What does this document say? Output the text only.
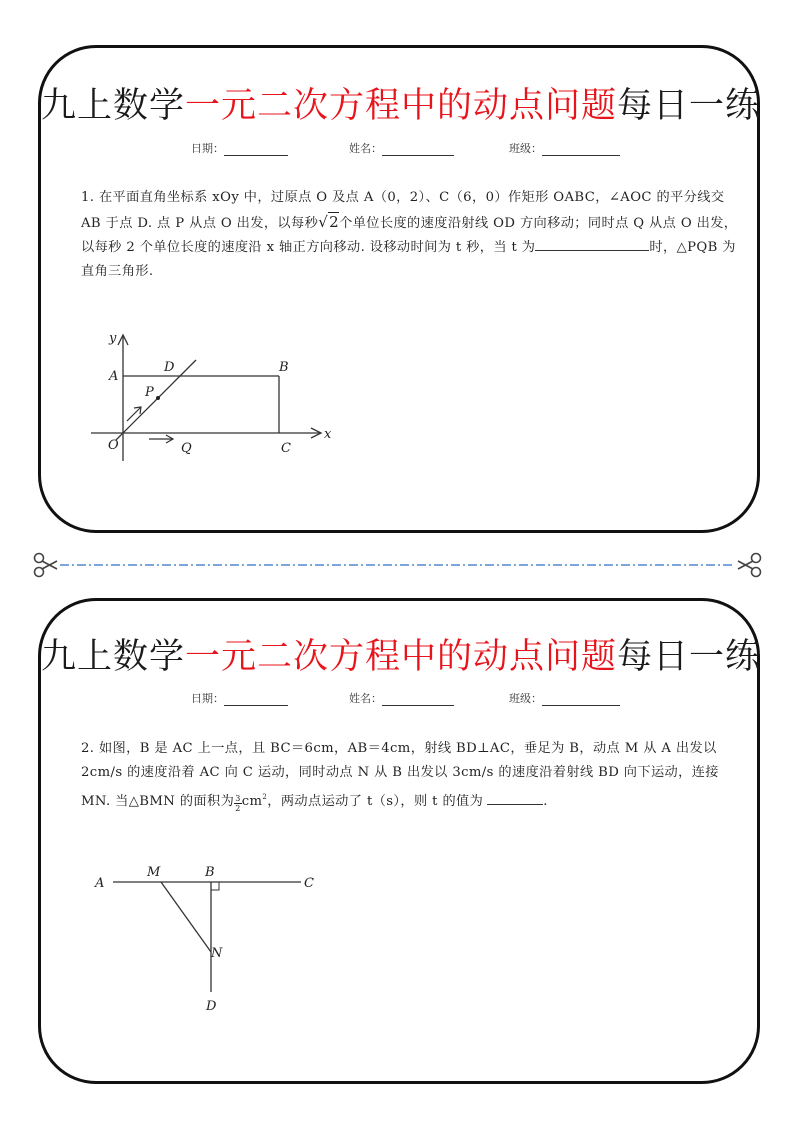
九上数学一元二次方程中的动点问题每日一练
日期：	姓名：	班级：
1. 在平面直角坐标系 xOy 中，过原点 O 及点 A（0，2）、C（6，0）作矩形 OABC，∠AOC 的平分线交 AB 于点 D. 点 P 从点 O 出发，以每秒√2个单位长度的速度沿射线 OD 方向移动；同时点 Q 从点 O 出发，以每秒 2 个单位长度的速度沿 x 轴正方向移动. 设移动时间为 t 秒，当 t 为	时，△PQB 为直角三角形.
y
x
A
D	B
P
O	Q	C
九上数学一元二次方程中的动点问题每日一练
日期：	姓名：	班级：
2. 如图，B 是 AC 上一点，且 BC＝6cm，AB＝4cm，射线 BD⊥AC，垂足为 B，动点 M 从 A 出发以 2cm/s 的速度沿着 AC 向 C 运动，同时动点 N 从 B 出发以 3cm/s 的速度沿着射线 BD 向下运动，连接 MN. 当△BMN 的面积为 $\frac{3}{2} cm^2$，两动点运动了 t（s），则 t 的值为	.
A
M	B
C
N
D
